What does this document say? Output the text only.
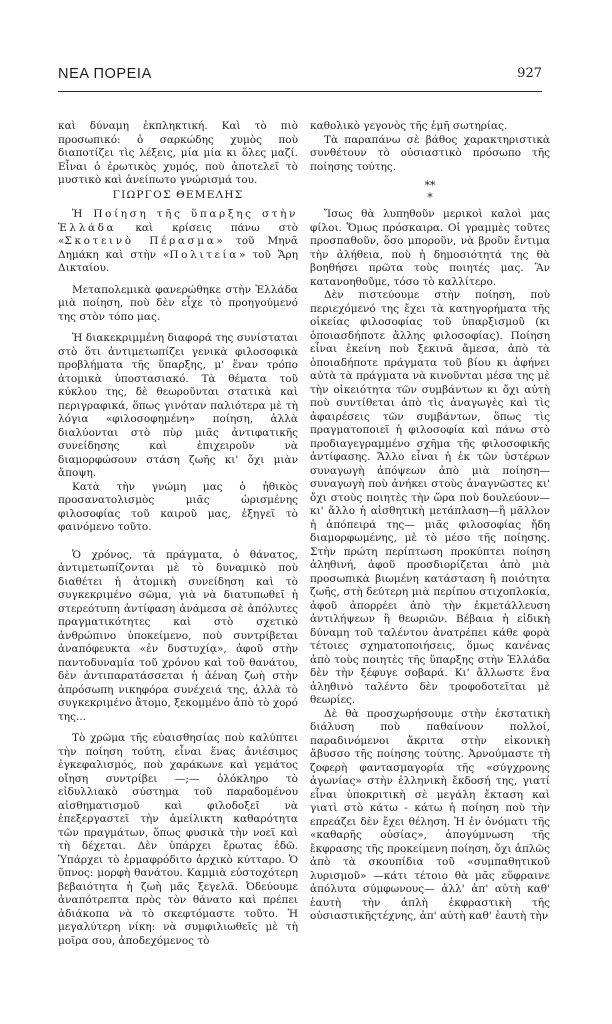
ΝΕΑ ΠΟΡΕΙΑ	927

καὶ δύναμη ἐκπληκτική. Καὶ τὸ πιὸ προσωπικό: ὁ σαρκώδης χυμὸς ποὺ διαποτίζει τὶς λέξεις, μία μία κι ὅλες μαζί. Εἶναι ὁ ἐρωτικὸς χυμός, ποὺ ἀποτελεῖ τὸ μυστικὸ καὶ ἀνείπωτο γνώρισμά του.

ΓΙΩΡΓΟΣ ΘΕΜΕΛΗΣ

Ἡ Ποίηση τῆς ὕπαρξης στὴν Ἑλλάδα καὶ κρίσεις πάνω στὸ «Σκοτεινὸ Πέρασμα» τοῦ Μηνᾶ Δημάκη καὶ στὴν «Πολιτεία» τοῦ Ἄρη Δικταίου.

Μεταπολεμικὰ φανερώθηκε στὴν Ἑλλάδα μιὰ ποίηση, ποὺ δὲν εἶχε τὸ προηγούμενό της στὸν τόπο μας.

Ἡ διακεκριμμένη διαφορά της συνίσταται στὸ ὅτι ἀντιμετωπίζει γενικὰ φιλοσοφικὰ προβλήματα τῆς ὕπαρξης, μ' ἕναν τρόπο ἀτομικὰ ὑποστασιακό. Τὰ θέματα τοῦ κύκλου της, δὲ θεωροῦνται στατικὰ καὶ περιγραφικά, ὅπως γινόταν παλιότερα μὲ τὴ λόγια «φιλοσοφημένη» ποίηση, ἀλλὰ διαλύονται στὸ πὺρ μιᾶς ἀντιφατικῆς συνείδησης καὶ ἐπιχειροῦν νὰ διαμορφώσουν στάση ζωῆς κι' ὄχι μιὰν ἄποψη.

Κατὰ τὴν γνώμη μας ὁ ἠθικὸς προσανατολισμὸς μιᾶς ὡρισμένης φιλοσοφίας τοῦ καιροῦ μας, ἐξηγεῖ τὸ φαινόμενο τοῦτο.

Ὁ χρόνος, τὰ πράγματα, ὁ θάνατος, ἀντιμετωπίζονται μὲ τὸ δυναμικὸ ποὺ διαθέτει ἡ ἀτομικὴ συνείδηση καὶ τὸ συγκεκριμένο σῶμα, γιὰ νὰ διατυπωθεῖ ἡ στερεότυπη ἀντίφαση ἀνάμεσα σὲ ἀπόλυτες πραγματικότητες καὶ στὸ σχετικὸ ἀνθρώπινο ὑποκείμενο, ποὺ συντρίβεται ἀναπόφευκτα «ἐν δυστυχίᾳ», ἀφοῦ στὴν παντοδυναμία τοῦ χρόνου καὶ τοῦ θανάτου, δὲν ἀντιπαρατάσσεται ἡ ἀέναη ζωὴ στὴν ἀπρόσωπη νικηφόρα συνέχειά της, ἀλλὰ τὸ συγκεκριμένο ἄτομο, ξεκομμένο ἀπὸ τὸ χορό της...

Τὸ χρῶμα τῆς εὐαισθησίας ποὺ καλύπτει τὴν ποίηση τούτη, εἶναι ἕνας ἀνιέσιμος ἐγκεφαλισμός, ποὺ χαράκωνε καὶ γεμάτος οἴηση συντρίβει —;— ὁλόκληρο τὸ εἰδυλλιακὸ σύστημα τοῦ παραδομένου αἰσθηματισμοῦ καὶ φιλοδοξεῖ νὰ ἐπεξεργαστεῖ τὴν ἀμείλικτη καθαρότητα τῶν πραγμάτων, ὅπως φυσικὰ τὴν νοεῖ καὶ τὴ δέχεται. Δὲν ὑπάρχει ἔρωτας ἐδῶ. Ὑπάρχει τὸ ἑρμαφρόδιτο ἀρχικὸ κύτταρο. Ὁ ὕπνος: μορφὴ θανάτου. Καμμιὰ εὐστοχότερη βεβαιότητα ἡ ζωὴ μᾶς ξεγελᾶ. Ὀδεύουμε ἀναπότρεπτα πρὸς τὸν θάνατο καὶ πρέπει ἀδιάκοπα νὰ τὸ σκεφτόμαστε τοῦτο. Ἡ μεγαλύτερη νίκη: νὰ συμφιλιωθεῖς μὲ τὴ μοῖρα σου, ἀποδεχόμενος τὸ

καθολικὸ γεγονὸς τῆς ἐμῆ σωτηρίας.

Τὰ παραπάνω σὲ βάθος χαρακτηριστικὰ συνθέτουν τὸ οὐσιαστικὸ πρόσωπο τῆς ποίησης τούτης.

**
*

Ἴσως θὰ λυπηθοῦν μερικοὶ καλοὶ μας φίλοι. Ὅμως πρόσκαιρα. Οἱ γραμμὲς τοῦτες προσπαθοῦν, ὅσο μποροῦν, νὰ βροῦν ἔντιμα τὴν ἀλήθεια, ποὺ ἡ δημοσιότητά της θὰ βοηθήσει πρῶτα τοὺς ποιητές μας. Ἂν κατανοηθοῦμε, τόσο τὸ καλλίτερο.

Δὲν πιστεύουμε στὴν ποίηση, ποὺ περιεχόμενό της ἔχει τὰ κατηγορήματα τῆς οἰκείας φιλοσοφίας τοῦ ὑπαρξισμοῦ (κι ὁποιασδήποτε ἄλλης φιλοσοφίας). Ποίηση εἶναι ἐκείνη ποὺ ξεκινᾶ ἄμεσα, ἀπὸ τὰ ὁποιαδήποτε πράγματα τοῦ βίου κι ἀφήνει αὐτὰ τὰ πράγματα νὰ κινοῦνται μέσα της μὲ τὴν οἰκειότητα τῶν συμβάντων κι ὄχι αὐτὴ ποὺ συντίθεται ἀπὸ τὶς ἀναγωγὲς καὶ τὶς ἀφαιρέσεις τῶν συμβάντων, ὅπως τὶς πραγματοποιεῖ ἡ φιλοσοφία καὶ πάνω στὸ προδιαγεγραμμένο σχῆμα τῆς φιλοσοφικῆς ἀντίφασης. Ἄλλο εἶναι ἡ ἐκ τῶν ὑστέρων συναγωγὴ ἀπόψεων ἀπὸ μιὰ ποίηση—συναγωγὴ ποὺ ἀνήκει στοὺς ἀναγνῶστες κι' ὄχι στοὺς ποιητὲς τὴν ὥρα ποὺ δουλεύουν—κι' ἄλλο ἡ αἰσθητικὴ μετάπλαση—ἢ μᾶλλον ἡ ἀπόπειρά της— μιᾶς φιλοσοφίας ἤδη διαμορφωμένης, μὲ τὸ μέσο τῆς ποίησης. Στὴν πρώτη περίπτωση προκύπτει ποίηση ἀληθινή, ἀφοῦ προσδιορίζεται ἀπὸ μιὰ προσωπικὰ βιωμένη κατάσταση ἢ ποιότητα ζωῆς, στὴ δεύτερη μιὰ περίπου στιχοπλοκία, ἀφοῦ ἀπορρέει ἀπὸ τὴν ἐκμετάλλευση ἀντιλήψεων ἢ θεωριῶν. Βέβαια ἡ εἰδικὴ δύναμη τοῦ ταλέντου ἀνατρέπει κάθε φορὰ τέτοιες σχηματοποιήσεις, ὅμως κανένας ἀπὸ τοὺς ποιητὲς τῆς ὕπαρξης στὴν Ἑλλάδα δὲν τὴν ξέφυγε σοβαρά. Κι' ἄλλωστε ἕνα ἀληθινὸ ταλέντο δὲν τροφοδοτεῖται μὲ θεωρίες.

Δὲ θὰ προσχωρήσουμε στὴν ἐκστατικὴ διάλυση ποὺ παθαίνουν πολλοί, παραδινόμενοι ἄκριτα στὴν εἰκονικὴ ἄβυσσο τῆς ποίησης τούτης. Ἀρνούμαστε τὴ ζοφερὴ φαντασμαγορία τῆς «σύγχρονης ἀγωνίας» στὴν ἑλληνικὴ ἔκδοσή της, γιατί εἶναι ὑποκριτικὴ σὲ μεγάλη ἔκταση καὶ γιατὶ στὸ κάτω - κάτω ἡ ποίηση ποὺ τὴν επρεάζει δὲν ἔχει θέληση. Ἡ ἐν ὀνόματι τῆς «καθαρῆς οὐσίας», ἀπογύμνωση τῆς ἔκφρασης τῆς προκείμενη ποίηση, ὄχι ἁπλῶς ἀπὸ τὰ σκουπίδια τοῦ «συμπαθητικοῦ λυρισμοῦ» —κάτι τέτοιο θὰ μᾶς εὕφραινε ἀπόλυτα σύμφωνους— ἀλλ' ἀπ' αὐτὴ καθ' ἑαυτὴ τὴν ἁπλὴ ἐκφραστικὴ τῆς οὐσιαστικῆςτέχνης, ἀπ' αὐτὴ καθ' ἑαυτὴ τὴν
